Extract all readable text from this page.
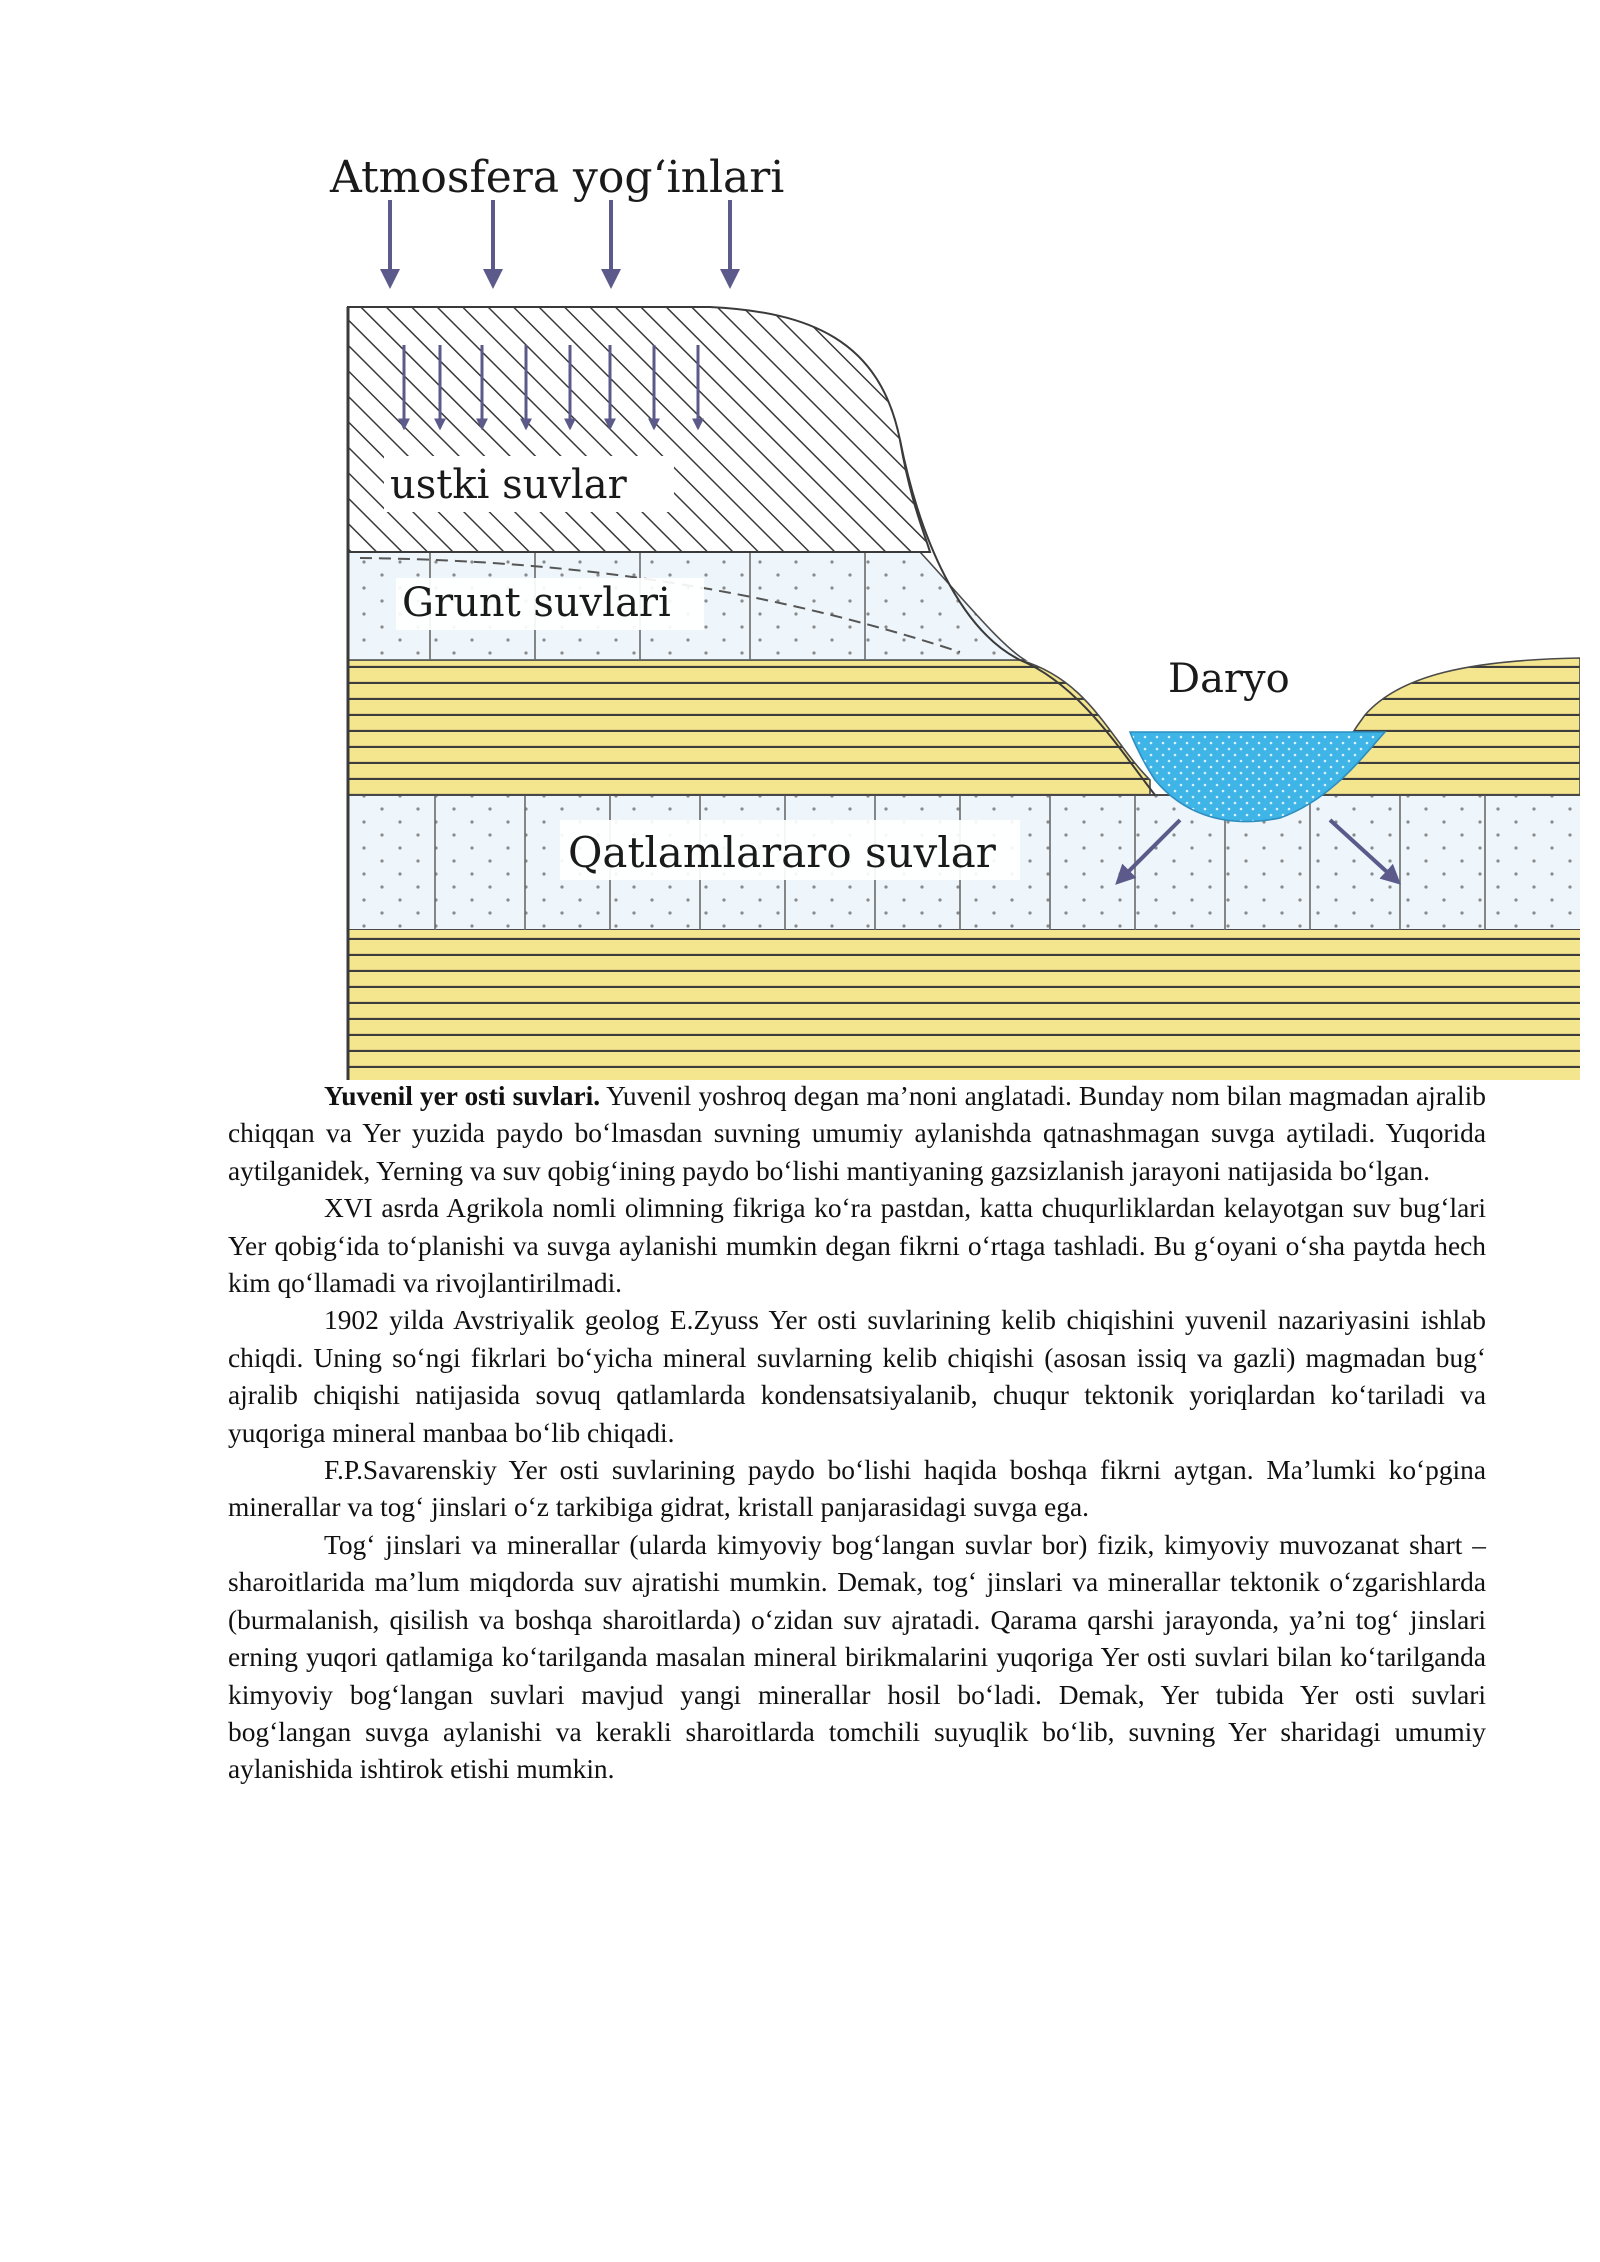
Atmosfera yog‘inlari
ustki suvlar
Grunt suvlari
Daryo
Qatlamlararo suvlar

Yuvenil yer osti suvlari. Yuvenil yoshroq degan ma’noni anglatadi. Bunday nom bilan magmadan ajralib chiqqan va Yer yuzida paydo bo‘lmasdan suvning umumiy aylanishda qatnashmagan suvga aytiladi. Yuqorida aytilganidek, Yerning va suv qobig‘ining paydo bo‘lishi mantiyaning gazsizlanish jarayoni natijasida bo‘lgan.

XVI asrda Agrikola nomli olimning fikriga ko‘ra pastdan, katta chuqurliklardan kelayotgan suv bug‘lari Yer qobig‘ida to‘planishi va suvga aylanishi mumkin degan fikrni o‘rtaga tashladi. Bu g‘oyani o‘sha paytda hech kim qo‘llamadi va rivojlantirilmadi.

1902 yilda Avstriyalik geolog E.Zyuss Yer osti suvlarining kelib chiqishini yuvenil nazariyasini ishlab chiqdi. Uning so‘ngi fikrlari bo‘yicha mineral suvlarning kelib chiqishi (asosan issiq va gazli) magmadan bug‘ ajralib chiqishi natijasida sovuq qatlamlarda kondensatsiyalanib, chuqur tektonik yoriqlardan ko‘tariladi va yuqoriga mineral manbaa bo‘lib chiqadi.

F.P.Savarenskiy Yer osti suvlarining paydo bo‘lishi haqida boshqa fikrni aytgan. Ma’lumki ko‘pgina minerallar va tog‘ jinslari o‘z tarkibiga gidrat, kristall panjarasidagi suvga ega.

Tog‘ jinslari va minerallar (ularda kimyoviy bog‘langan suvlar bor) fizik, kimyoviy muvozanat shart – sharoitlarida ma’lum miqdorda suv ajratishi mumkin. Demak, tog‘ jinslari va minerallar tektonik o‘zgarishlarda (burmalanish, qisilish va boshqa sharoitlarda) o‘zidan suv ajratadi. Qarama qarshi jarayonda, ya’ni tog‘ jinslari erning yuqori qatlamiga ko‘tarilganda masalan mineral birikmalarini yuqoriga Yer osti suvlari bilan ko‘tarilganda kimyoviy bog‘langan suvlari mavjud yangi minerallar hosil bo‘ladi. Demak, Yer tubida Yer osti suvlari bog‘langan suvga aylanishi va kerakli sharoitlarda tomchili suyuqlik bo‘lib, suvning Yer sharidagi umumiy aylanishida ishtirok etishi mumkin.
